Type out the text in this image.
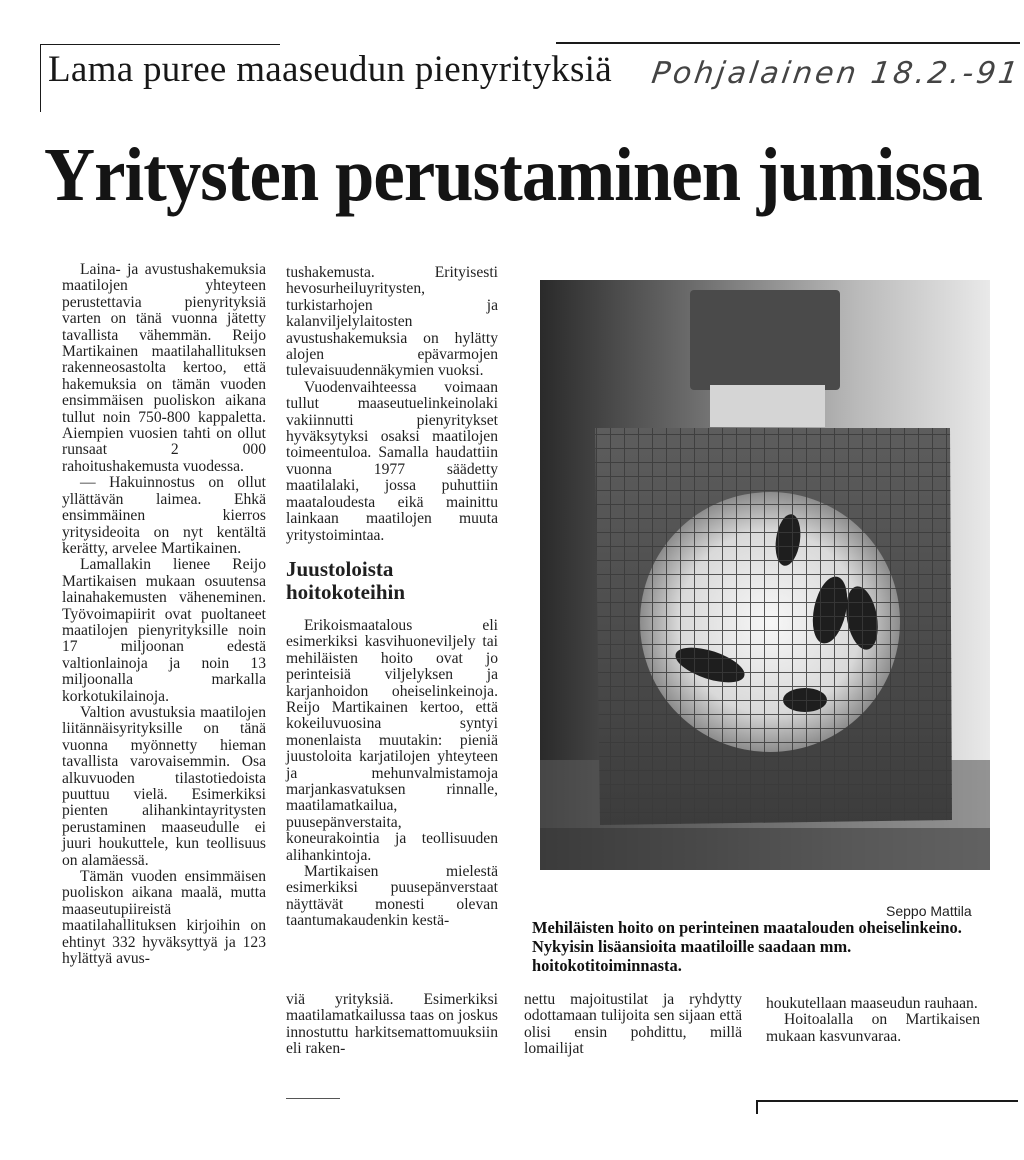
Lama puree maaseudun pienyrityksiä Pohjalainen 18.2.-91
Yritysten perustaminen jumissa

Laina- ja avustushakemuksia maatilojen yhteyteen perustettavia pienyrityksiä varten on tänä vuonna jätetty tavallista vähemmän. Reijo Martikainen maatilahallituksen rakenneosastolta kertoo, että hakemuksia on tämän vuoden ensimmäisen puoliskon aikana tullut noin 750-800 kappaletta. Aiempien vuosien tahti on ollut runsaat 2 000 rahoitushakemusta vuodessa.

— Hakuinnostus on ollut yllättävän laimea. Ehkä ensimmäinen kierros yritysideoita on nyt kentältä kerätty, arvelee Martikainen.

Lamallakin lienee Reijo Martikaisen mukaan osuutensa lainahakemusten väheneminen. Työvoimapiirit ovat puoltaneet maatilojen pienyrityksille noin 17 miljoonan edestä valtionlainoja ja noin 13 miljoonalla markalla korkotukilainoja.

Valtion avustuksia maatilojen liitännäisyrityksille on tänä vuonna myönnetty hieman tavallista varovaisemmin. Osa alkuvuoden tilastotiedoista puuttuu vielä. Esimerkiksi pienten alihankintayritysten perustaminen maaseudulle ei juuri houkuttele, kun teollisuus on alamäessä.

Tämän vuoden ensimmäisen puoliskon aikana maalä, mutta maaseutupiireistä maatilahallituksen kirjoihin on ehtinyt 332 hyväksyttyä ja 123 hylättyä avus-

tushakemusta. Erityisesti hevosurheiluyritysten, turkistarhojen ja kalanviljelylaitosten avustushakemuksia on hylätty alojen epävarmojen tulevaisuudennäkymien vuoksi.

Vuodenvaihteessa voimaan tullut maaseutuelinkeinolaki vakiinnutti pienyritykset hyväksytyksi osaksi maatilojen toimeentuloa. Samalla haudattiin vuonna 1977 säädetty maatilalaki, jossa puhuttiin maataloudesta eikä mainittu lainkaan maatilojen muuta yritystoimintaa.

Juustoloista hoitokoteihin

Erikoismaatalous eli esimerkiksi kasvihuoneviljely tai mehiläisten hoito ovat jo perinteisiä viljelyksen ja karjanhoidon oheiselinkeinoja. Reijo Martikainen kertoo, että kokeiluvuosina syntyi monenlaista muutakin: pieniä juustoloita karjatilojen yhteyteen ja mehunvalmistamoja marjankasvatuksen rinnalle, maatilamatkailua, puusepänverstaita, koneurakointia ja teollisuuden alihankintoja.

Martikaisen mielestä esimerkiksi puusepänverstaat näyttävät monesti olevan taantumakaudenkin kestä-

Seppo Mattila
Mehiläisten hoito on perinteinen maatalouden oheiselinkeino. Nykyisin lisäansioita maatiloille saadaan mm. hoitokotitoiminnasta.

viä yrityksiä. Esimerkiksi maatilamatkailussa taas on joskus innostuttu harkitsemattomuuksiin eli raken-

nettu majoitustilat ja ryhdytty odottamaan tulijoita sen sijaan että olisi ensin pohdittu, millä lomailijat

houkutellaan maaseudun rauhaan.

Hoitoalalla on Martikaisen mukaan kasvunvaraa.
